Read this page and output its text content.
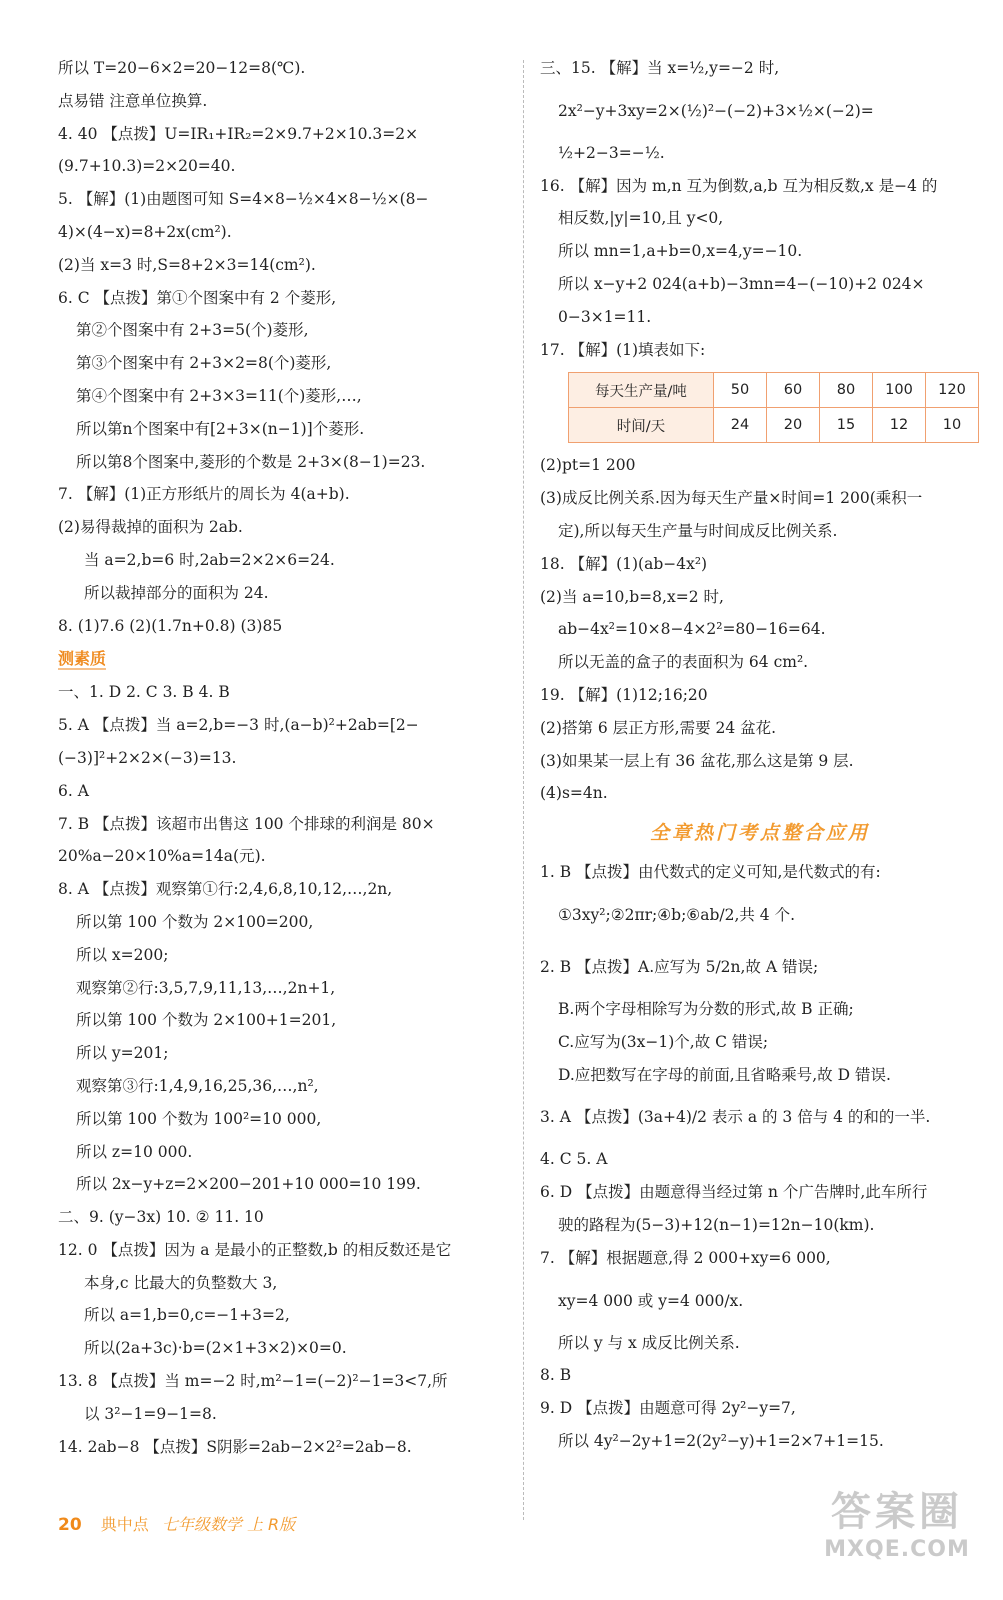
所以 T=20−6×2=20−12=8(℃).
点易错 注意单位换算.
4. 40 【点拨】U=IR₁+IR₂=2×9.7+2×10.3=2×
(9.7+10.3)=2×20=40.
5. 【解】(1)由题图可知 S=4×8−½×4×8−½×(8−
4)×(4−x)=8+2x(cm²).
(2)当 x=3 时,S=8+2×3=14(cm²).
6. C 【点拨】第①个图案中有 2 个菱形,
第②个图案中有 2+3=5(个)菱形,
第③个图案中有 2+3×2=8(个)菱形,
第④个图案中有 2+3×3=11(个)菱形,…,
所以第n个图案中有[2+3×(n−1)]个菱形.
所以第8个图案中,菱形的个数是 2+3×(8−1)=23.
7. 【解】(1)正方形纸片的周长为 4(a+b).
(2)易得裁掉的面积为 2ab.
当 a=2,b=6 时,2ab=2×2×6=24.
所以裁掉部分的面积为 24.
8. (1)7.6 (2)(1.7n+0.8) (3)85
测素质
一、1. D 2. C 3. B 4. B
5. A 【点拨】当 a=2,b=−3 时,(a−b)²+2ab=[2−
(−3)]²+2×2×(−3)=13.
6. A
7. B 【点拨】该超市出售这 100 个排球的利润是 80×
20%a−20×10%a=14a(元).
8. A 【点拨】观察第①行:2,4,6,8,10,12,…,2n,
所以第 100 个数为 2×100=200,
所以 x=200;
观察第②行:3,5,7,9,11,13,…,2n+1,
所以第 100 个数为 2×100+1=201,
所以 y=201;
观察第③行:1,4,9,16,25,36,…,n²,
所以第 100 个数为 100²=10 000,
所以 z=10 000.
所以 2x−y+z=2×200−201+10 000=10 199.
二、9. (y−3x) 10. ② 11. 10
12. 0 【点拨】因为 a 是最小的正整数,b 的相反数还是它
本身,c 比最大的负整数大 3,
所以 a=1,b=0,c=−1+3=2,
所以(2a+3c)·b=(2×1+3×2)×0=0.
13. 8 【点拨】当 m=−2 时,m²−1=(−2)²−1=3<7,所
以 3²−1=9−1=8.
14. 2ab−8 【点拨】S阴影=2ab−2×2²=2ab−8.
三、15. 【解】当 x=½,y=−2 时,
2x²−y+3xy=2×(½)²−(−2)+3×½×(−2)=
½+2−3=−½.
16. 【解】因为 m,n 互为倒数,a,b 互为相反数,x 是−4 的
相反数,|y|=10,且 y<0,
所以 mn=1,a+b=0,x=4,y=−10.
所以 x−y+2 024(a+b)−3mn=4−(−10)+2 024×
0−3×1=11.
17. 【解】(1)填表如下:
每天生产量/吨	50	60	80	100	120
时间/天	24	20	15	12	10
(2)pt=1 200
(3)成反比例关系.因为每天生产量×时间=1 200(乘积一
定),所以每天生产量与时间成反比例关系.
18. 【解】(1)(ab−4x²)
(2)当 a=10,b=8,x=2 时,
ab−4x²=10×8−4×2²=80−16=64.
所以无盖的盒子的表面积为 64 cm².
19. 【解】(1)12;16;20
(2)搭第 6 层正方形,需要 24 盆花.
(3)如果某一层上有 36 盆花,那么这是第 9 层.
(4)s=4n.
全章热门考点整合应用
1. B 【点拨】由代数式的定义可知,是代数式的有:
①3xy²;②2πr;④b;⑥ab/2,共 4 个.
2. B 【点拨】A.应写为 5/2n,故 A 错误;
B.两个字母相除写为分数的形式,故 B 正确;
C.应写为(3x−1)个,故 C 错误;
D.应把数写在字母的前面,且省略乘号,故 D 错误.
3. A 【点拨】(3a+4)/2 表示 a 的 3 倍与 4 的和的一半.
4. C 5. A
6. D 【点拨】由题意得当经过第 n 个广告牌时,此车所行
驶的路程为(5−3)+12(n−1)=12n−10(km).
7. 【解】根据题意,得 2 000+xy=6 000,
xy=4 000 或 y=4 000/x.
所以 y 与 x 成反比例关系.
8. B
9. D 【点拨】由题意可得 2y²−y=7,
所以 4y²−2y+1=2(2y²−y)+1=2×7+1=15.
20 典中点 七年级数学 上 R版	答案圈
MXQE.COM
